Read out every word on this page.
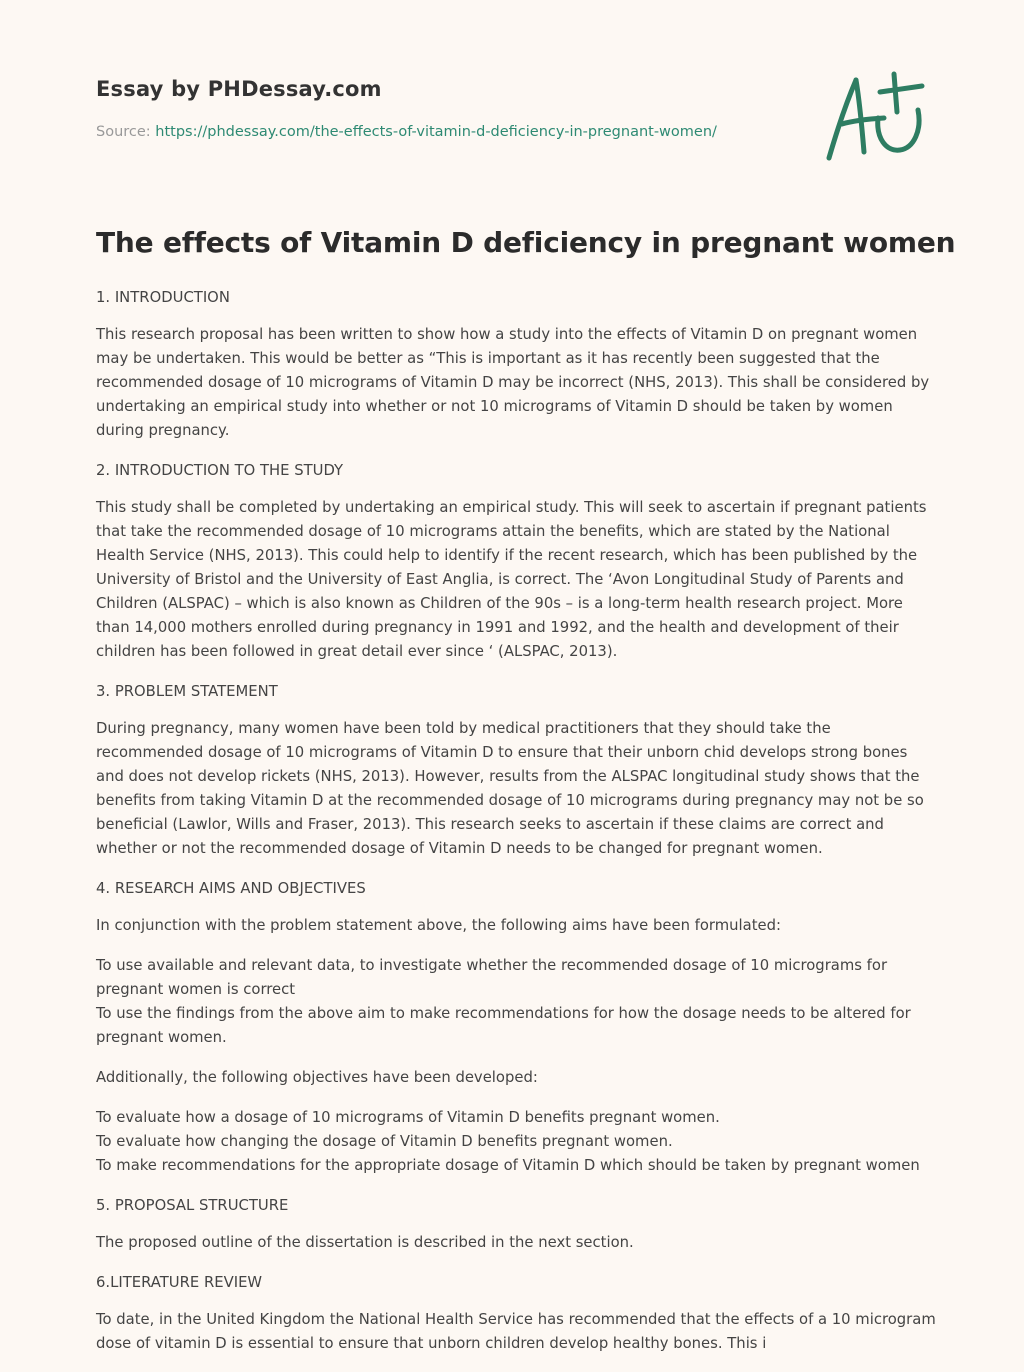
Essay by PHDessay.com
Source: https://phdessay.com/the-effects-of-vitamin-d-deficiency-in-pregnant-women/
The effects of Vitamin D deficiency in pregnant women
1. INTRODUCTION

This research proposal has been written to show how a study into the effects of Vitamin D on pregnant women may be undertaken. This would be better as “This is important as it has recently been suggested that the recommended dosage of 10 micrograms of Vitamin D may be incorrect (NHS, 2013). This shall be considered by undertaking an empirical study into whether or not 10 micrograms of Vitamin D should be taken by women during pregnancy.

2. INTRODUCTION TO THE STUDY

This study shall be completed by undertaking an empirical study. This will seek to ascertain if pregnant patients that take the recommended dosage of 10 micrograms attain the benefits, which are stated by the National Health Service (NHS, 2013). This could help to identify if the recent research, which has been published by the University of Bristol and the University of East Anglia, is correct. The ‘Avon Longitudinal Study of Parents and Children (ALSPAC) – which is also known as Children of the 90s – is a long-term health research project. More than 14,000 mothers enrolled during pregnancy in 1991 and 1992, and the health and development of their children has been followed in great detail ever since ‘ (ALSPAC, 2013).

3. PROBLEM STATEMENT

During pregnancy, many women have been told by medical practitioners that they should take the recommended dosage of 10 micrograms of Vitamin D to ensure that their unborn chid develops strong bones and does not develop rickets (NHS, 2013). However, results from the ALSPAC longitudinal study shows that the benefits from taking Vitamin D at the recommended dosage of 10 micrograms during pregnancy may not be so beneficial (Lawlor, Wills and Fraser, 2013). This research seeks to ascertain if these claims are correct and whether or not the recommended dosage of Vitamin D needs to be changed for pregnant women.

4. RESEARCH AIMS AND OBJECTIVES

In conjunction with the problem statement above, the following aims have been formulated:

To use available and relevant data, to investigate whether the recommended dosage of 10 micrograms for pregnant women is correct
To use the findings from the above aim to make recommendations for how the dosage needs to be altered for pregnant women.

Additionally, the following objectives have been developed:

To evaluate how a dosage of 10 micrograms of Vitamin D benefits pregnant women.
To evaluate how changing the dosage of Vitamin D benefits pregnant women.
To make recommendations for the appropriate dosage of Vitamin D which should be taken by pregnant women
5. PROPOSAL STRUCTURE

The proposed outline of the dissertation is described in the next section.

6.LITERATURE REVIEW

To date, in the United Kingdom the National Health Service has recommended that the effects of a 10 microgram dose of vitamin D is essential to ensure that unborn children develop healthy bones. This i
